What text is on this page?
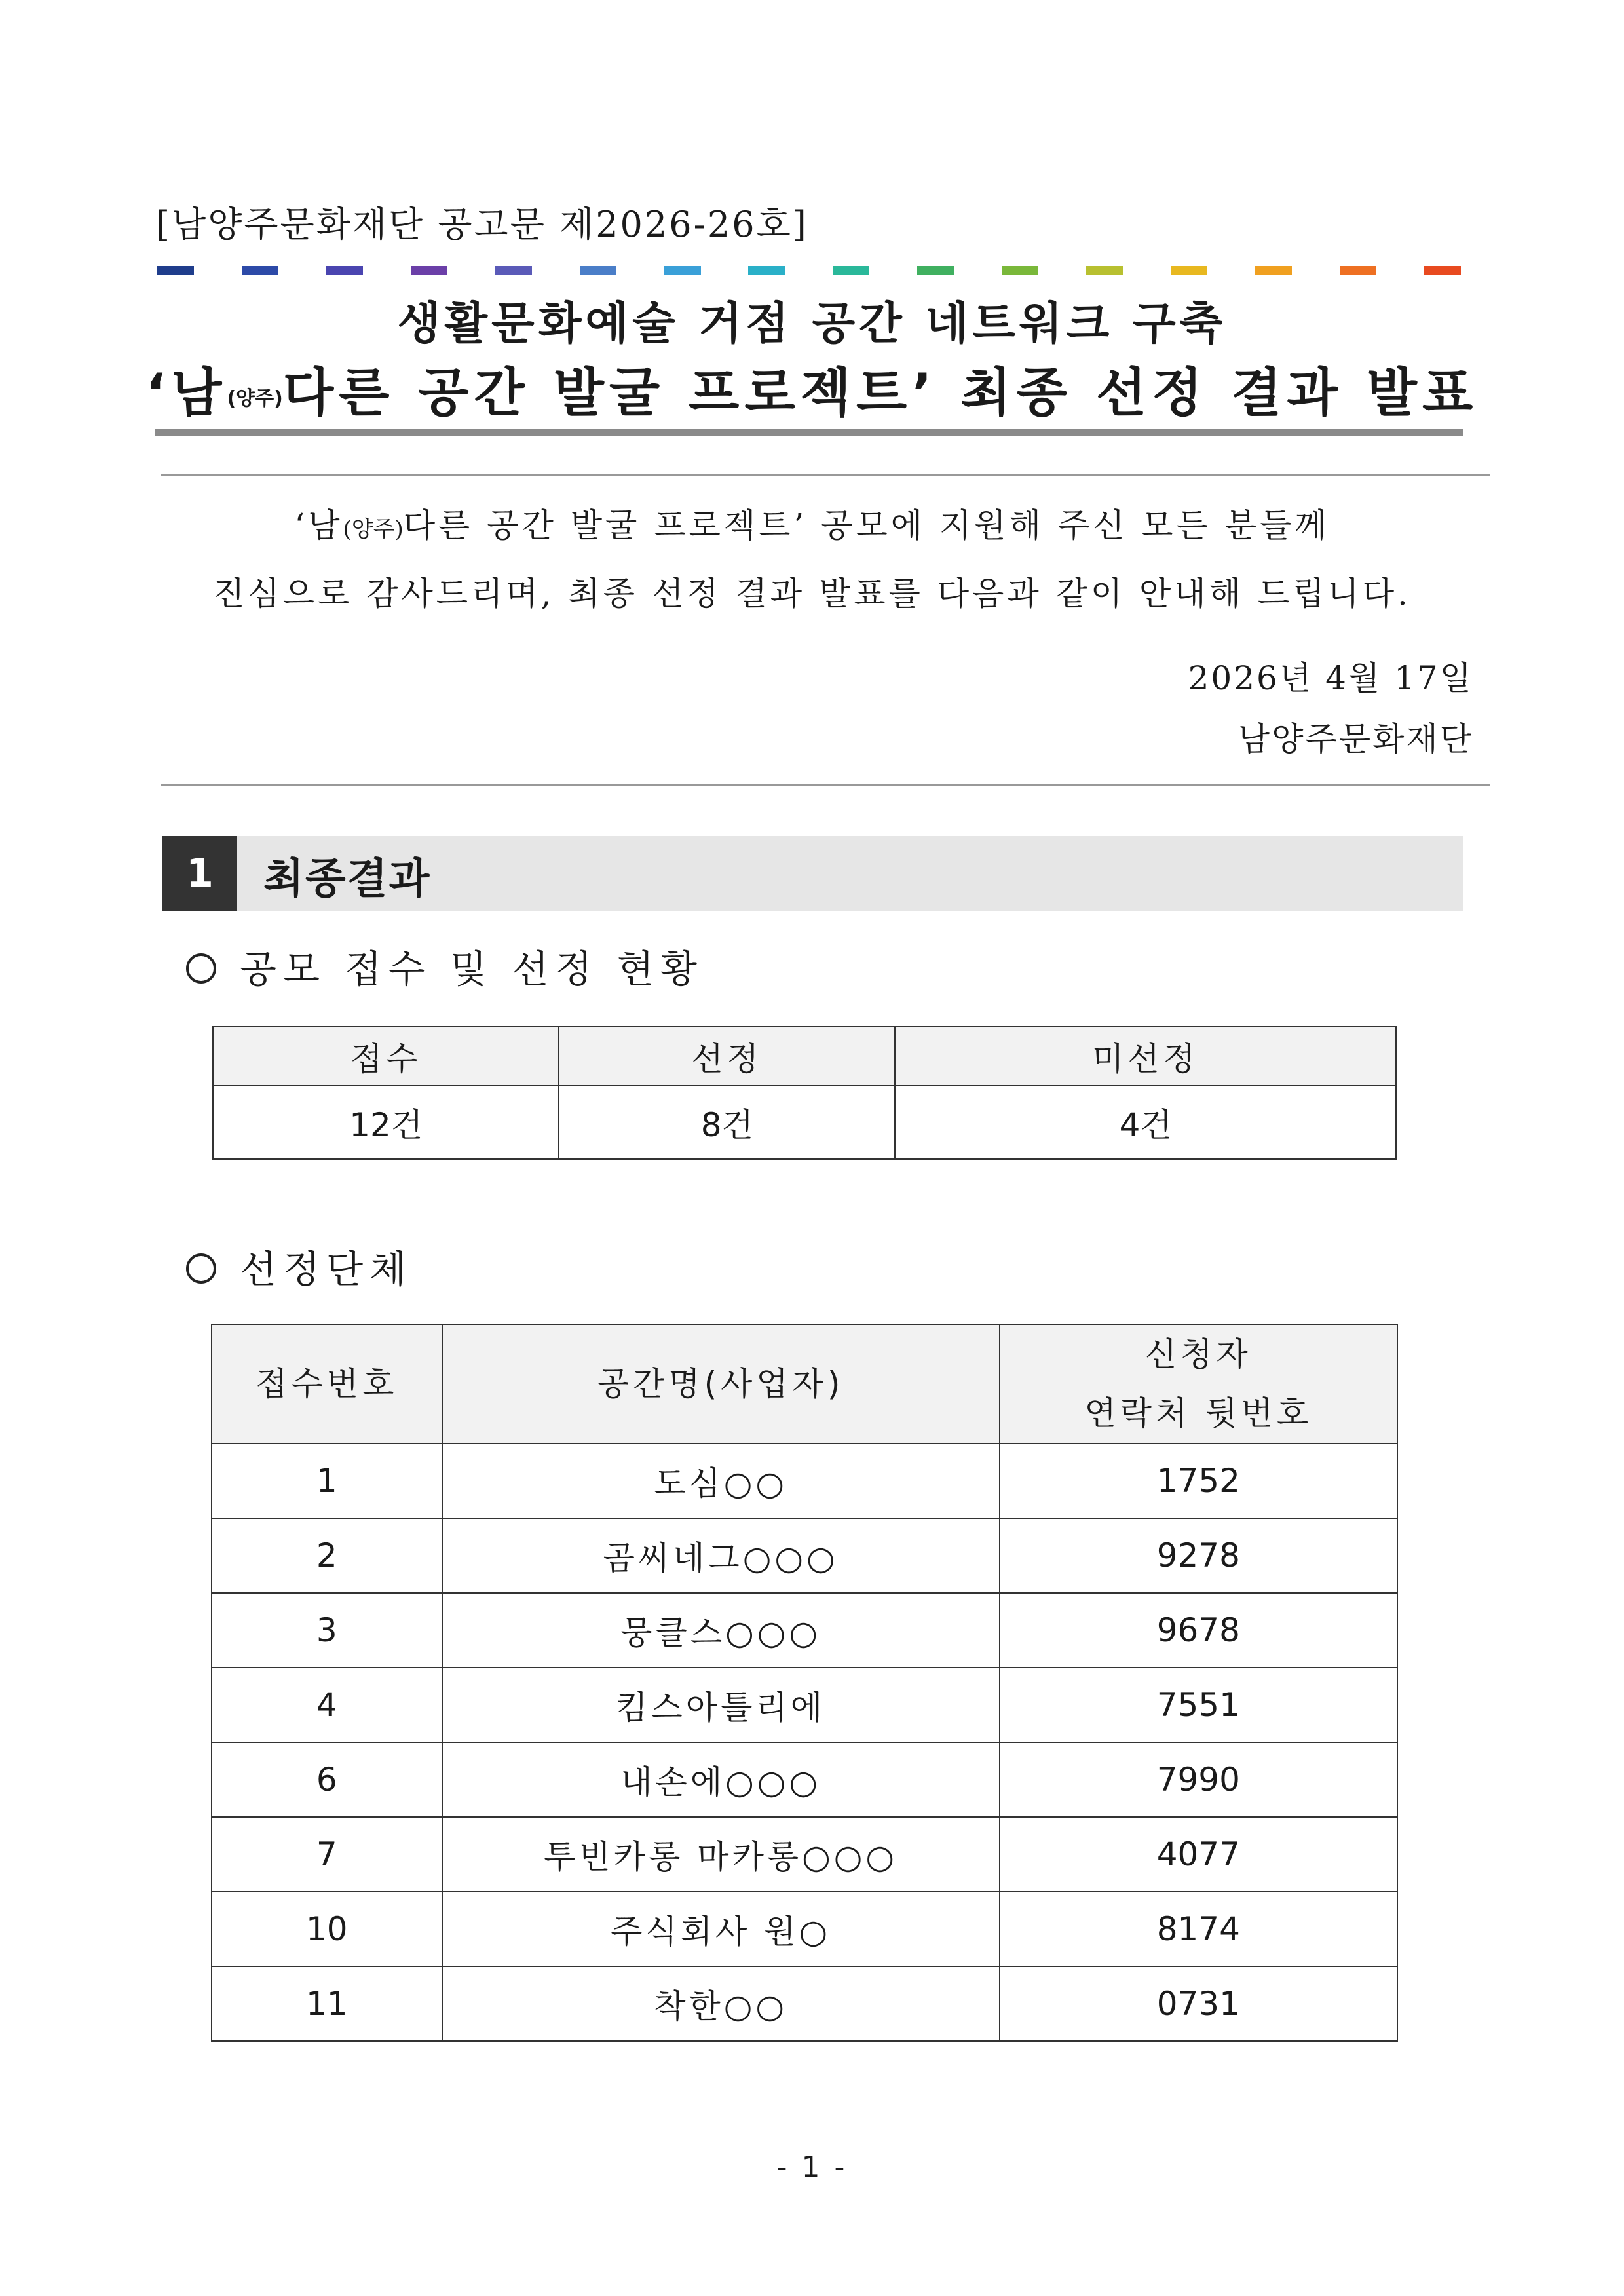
[남양주문화재단 공고문 제2026-26호]
생활문화예술 거점 공간 네트워크 구축
‘남(양주)다른 공간 발굴 프로젝트’ 최종 선정 결과 발표
‘남(양주)다른 공간 발굴 프로젝트’ 공모에 지원해 주신 모든 분들께
진심으로 감사드리며, 최종 선정 결과 발표를 다음과 같이 안내해 드립니다.
2026년 4월 17일
남양주문화재단
1	최종결과
공모 접수 및 선정 현황
접수	선정	미선정
12건	8건	4건
선정단체
접수번호	공간명(사업자)	신청자
연락처 뒷번호

1	도심○○	1752
2	곰씨네그○○○	9278
3	뭉클스○○○	9678
4	킴스아틀리에	7551
6	내손에○○○	7990
7	투빈카롱 마카롱○○○	4077
10	주식회사 원○	8174
11	착한○○	0731
- 1 -
